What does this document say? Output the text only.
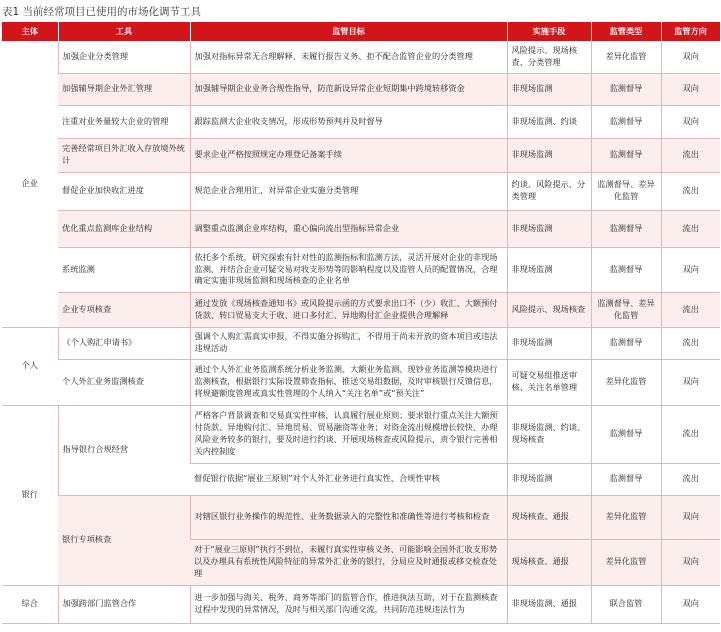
表1 当前经常项目已使用的市场化调节工具
主体	工具	监管目标	实施手段	监管类型	监管方向
企业	加强企业分类管理	加强对指标异常无合理解释、未履行报告义务、拒不配合监管企业的分类管理	风险提示、现场核查、分类管理	差异化监管	双向
	加强辅导期企业外汇管理	加强辅导期企业业务合规性指导，防范新设异常企业短期集中跨境转移资金	非现场监测	监测督导	双向
	注重对业务量较大企业的管理	跟踪监测大企业收支情况，形成形势预判并及时督导	非现场监测、约谈	监测督导	双向
	完善经常项目外汇收入存放境外统计	要求企业严格按照规定办理登记备案手续	非现场监测	监测督导	流出
	督促企业加快收汇进度	规范企业合理用汇，对异常企业实施分类管理	约谈、风险提示、分类管理	监测督导、差异化监管	流出
	优化重点监测库企业结构	调整重点监测企业库结构，重心偏向流出型指标异常企业	非现场监测	监测督导	流出
	系统监测	依托多个系统，研究探索有针对性的监测指标和监测方法，灵活开展对企业的非现场监测，并结合企业可疑交易对收支形势等的影响程度以及监管人员的配置情况，合理确定实施非现场监测和现场核查的企业名单	非现场监测	监测督导	双向
	企业专项核查	通过发放《现场核查通知书》或风险提示函的方式要求出口不（少）收汇、大额预付货款、转口贸易支大于收、进口多付汇、异地购付汇企业提供合理解释	风险提示、现场核查	监测督导、差异化监管	流出
个人	《个人购汇申请书》	强调个人购汇需真实申报，不得实施分拆购汇，不得用于尚未开放的资本项目或违法违规活动	非现场监测	监测督导	流出
	个人外汇业务监测核查	通过个人外汇业务监测系统分析业务监测、大额业务监测、现钞业务监测等模块进行监测核查，根据银行实际设置筛查指标，推送交易组数据，及时审核银行反馈信息，将规避额度管理或真实性管理的个人纳入“关注名单”或“预关注”	可疑交易组推送审核、关注名单管理	差异化监管	双向
银行	指导银行合规经营	严格客户背景调查和交易真实性审核，认真履行展业原则；要求银行重点关注大额预付货款、异地购付汇、异地贸易、贸易融资等业务；对资金流出规模增长较快、办理风险业务较多的银行，要及时进行约谈、开展现场核查或风险提示，责令银行完善相关内控制度	非现场监测、约谈、现场核查	监测督导	流出
		督促银行依据“展业三原则”对个人外汇业务进行真实性、合规性审核	非现场监测	监测督导	流出
	银行专项核查	对辖区银行业务操作的规范性、业务数据录入的完整性和准确性等进行考核和检查	现场核查、通报	差异化监管	双向
		对于“展业三原则”执行不到位，未履行真实性审核义务、可能影响全国外汇收支形势以及办理具有系统性风险特征的异常外汇业务的银行，分局应及时通报或移交检查处理	现场核查、通报	差异化监管	双向
综合	加强跨部门监管合作	进一步加强与海关、税务、商务等部门的监管合作，推进执法互助，对于在监测核查过程中发现的异常情况，及时与相关部门沟通交流，共同防范违规违法行为	非现场监测、通报	联合监管	双向
